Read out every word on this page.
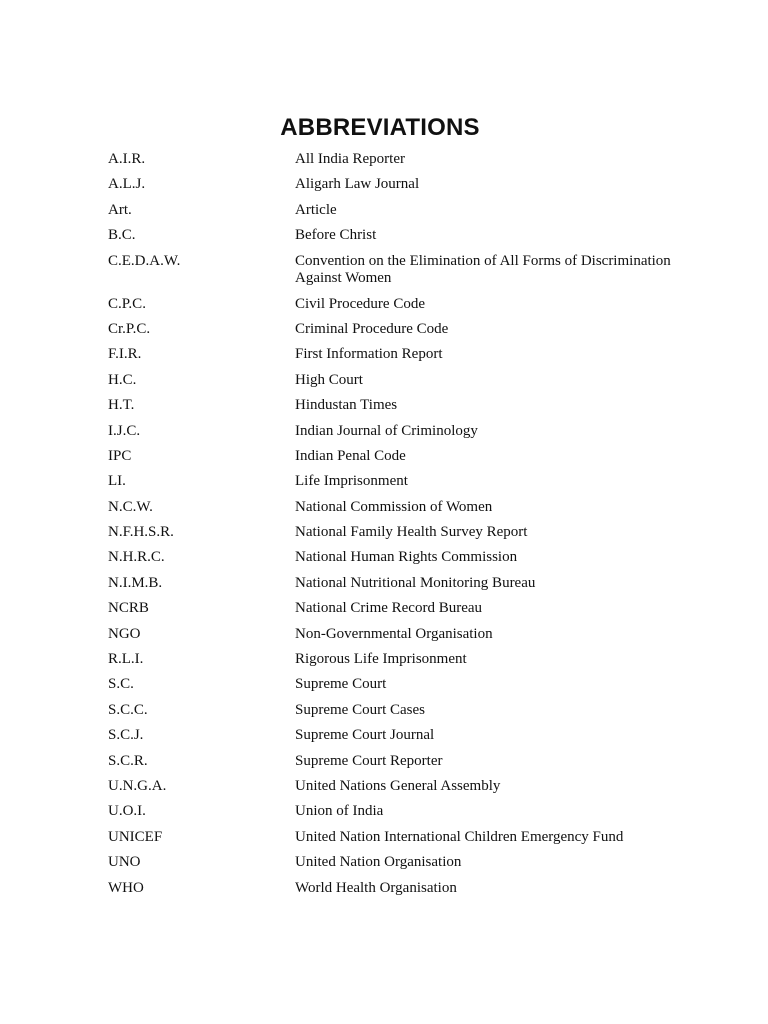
ABBREVIATIONS
A.I.R.	All India Reporter
A.L.J.	Aligarh Law Journal
Art.	Article
B.C.	Before Christ
C.E.D.A.W.	Convention on the Elimination of All Forms of Discrimination Against Women
C.P.C.	Civil Procedure Code
Cr.P.C.	Criminal Procedure Code
F.I.R.	First Information Report
H.C.	High Court
H.T.	Hindustan Times
I.J.C.	Indian Journal of Criminology
IPC	Indian Penal Code
LI.	Life Imprisonment
N.C.W.	National Commission of Women
N.F.H.S.R.	National Family Health Survey Report
N.H.R.C.	National Human Rights Commission
N.I.M.B.	National Nutritional Monitoring Bureau
NCRB	National Crime Record Bureau
NGO	Non-Governmental Organisation
R.L.I.	Rigorous Life Imprisonment
S.C.	Supreme Court
S.C.C.	Supreme Court Cases
S.C.J.	Supreme Court Journal
S.C.R.	Supreme Court Reporter
U.N.G.A.	United Nations General Assembly
U.O.I.	Union of India
UNICEF	United Nation International Children Emergency Fund
UNO	United Nation Organisation
WHO	World Health Organisation
